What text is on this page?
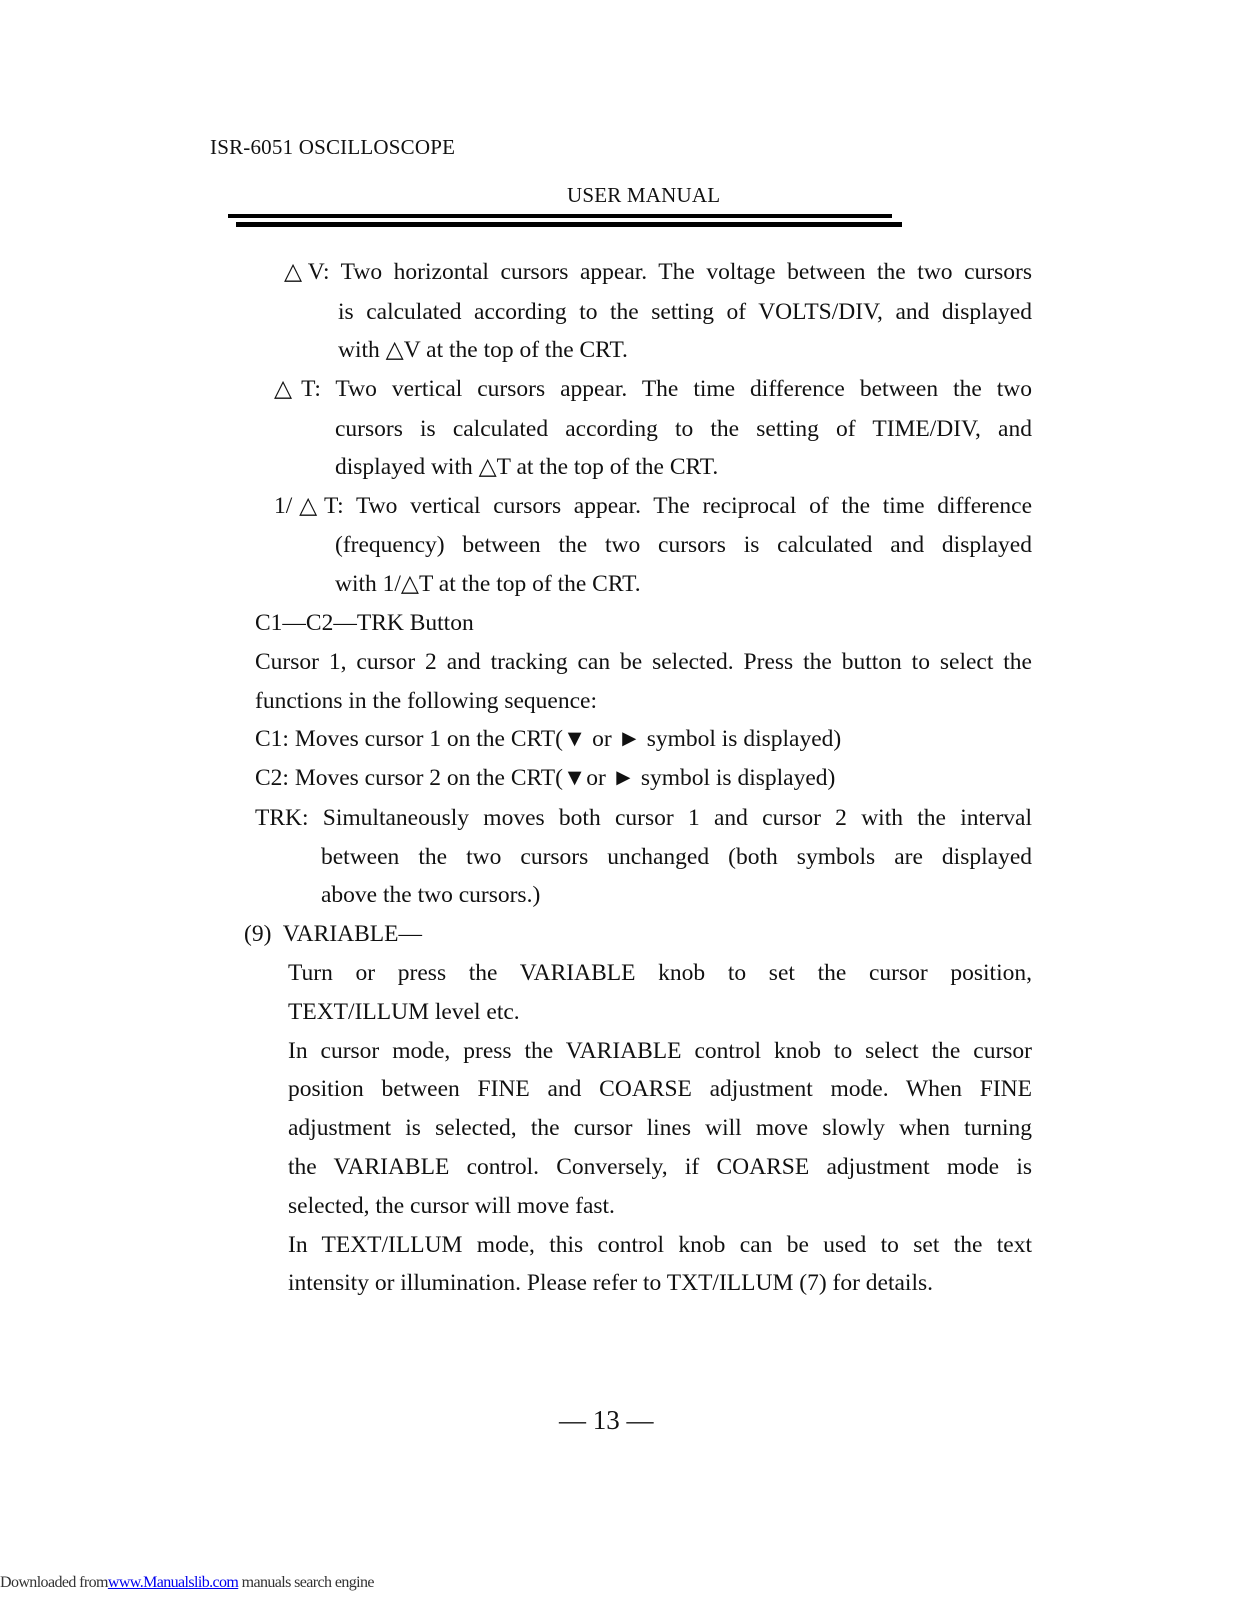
ISR-6051 OSCILLOSCOPE
USER MANUAL
△V: Two horizontal cursors appear. The voltage between the two cursors
is calculated according to the setting of VOLTS/DIV, and displayed
with △V at the top of the CRT.
△T: Two vertical cursors appear. The time difference between the two
cursors is calculated according to the setting of TIME/DIV, and
displayed with △T at the top of the CRT.
1/△T: Two vertical cursors appear. The reciprocal of the time difference
(frequency) between the two cursors is calculated and displayed
with 1/△T at the top of the CRT.
C1—C2—TRK Button
Cursor 1, cursor 2 and tracking can be selected. Press the button to select the
functions in the following sequence:
C1: Moves cursor 1 on the CRT(▼ or ► symbol is displayed)
C2: Moves cursor 2 on the CRT(▼or ► symbol is displayed)
TRK: Simultaneously moves both cursor 1 and cursor 2 with the interval
between the two cursors unchanged (both symbols are displayed
above the two cursors.)
(9)  VARIABLE—
Turn or press the VARIABLE knob to set the cursor position,
TEXT/ILLUM level etc.
In cursor mode, press the VARIABLE control knob to select the cursor
position between FINE and COARSE adjustment mode. When FINE
adjustment is selected, the cursor lines will move slowly when turning
the VARIABLE control. Conversely, if COARSE adjustment mode is
selected, the cursor will move fast.
In TEXT/ILLUM mode, this control knob can be used to set the text
intensity or illumination. Please refer to TXT/ILLUM (7) for details.
— 13 —
Downloaded fromwww.Manualslib.com manuals search engine
